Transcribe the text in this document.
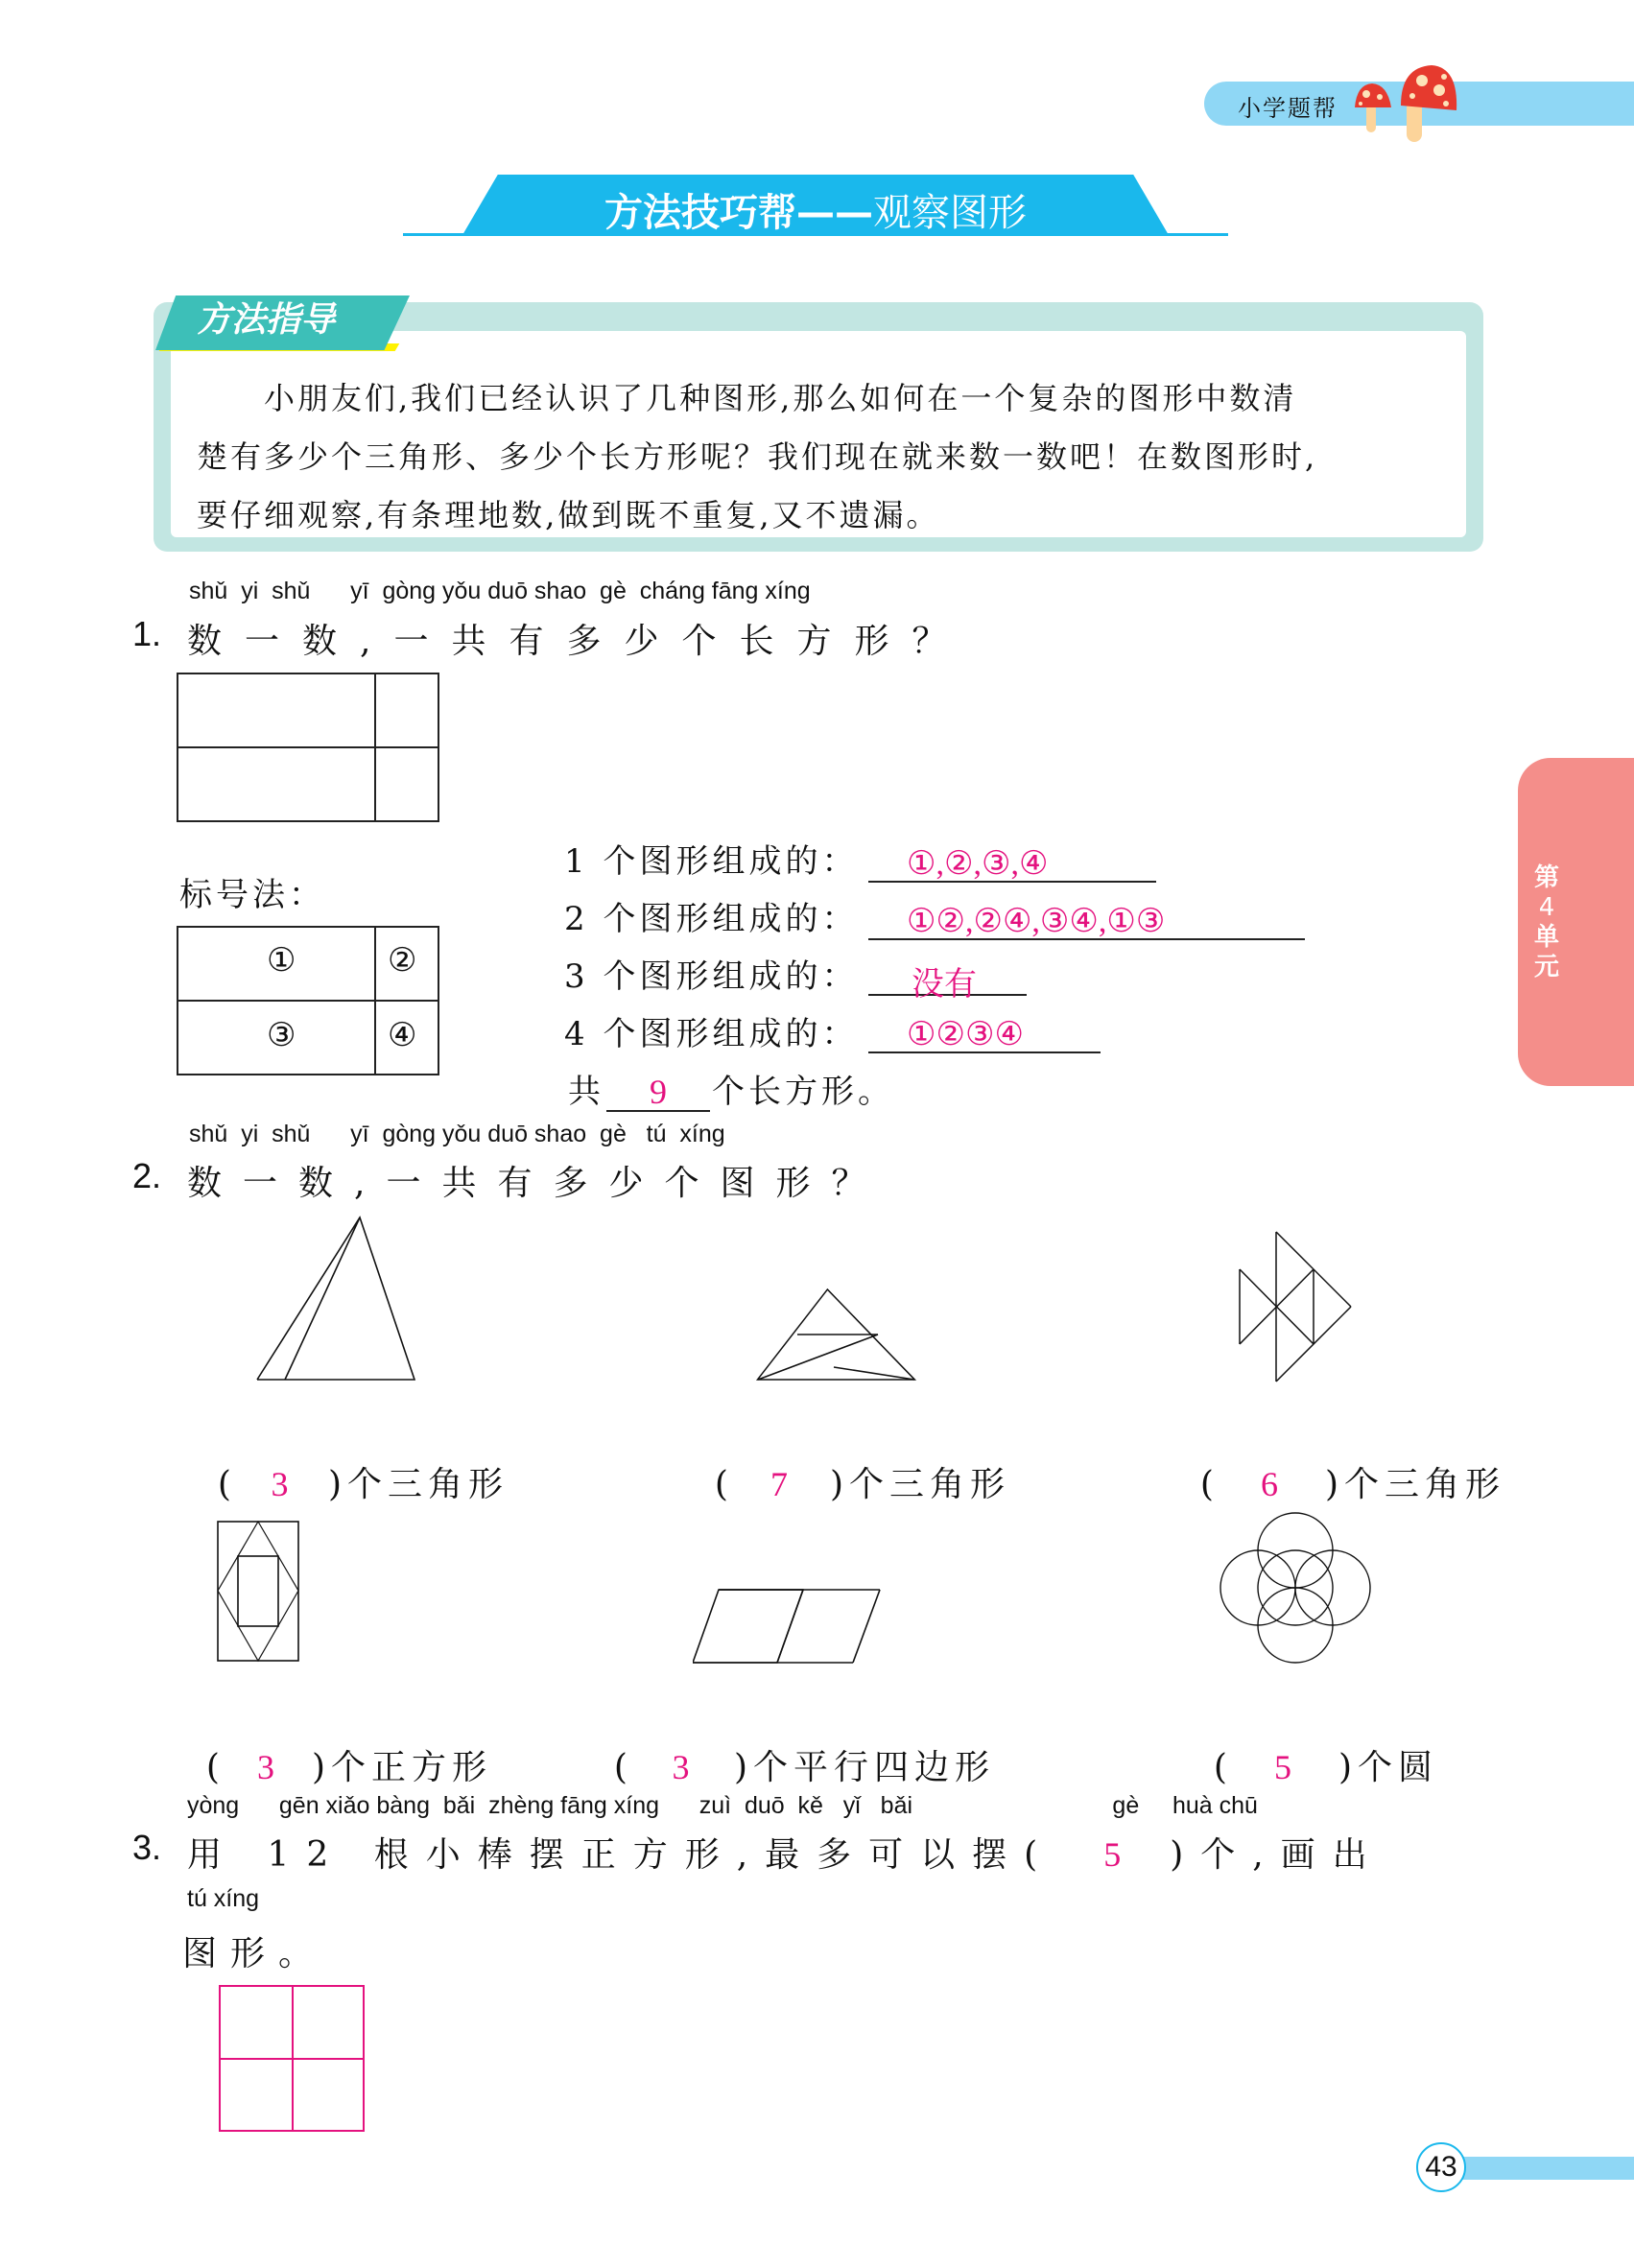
小学题帮
方法技巧帮——观察图形
方法指导

　　小朋友们,我们已经认识了几种图形,那么如何在一个复杂的图形中数清

楚有多少个三角形、多少个长方形呢？我们现在就来数一数吧！在数图形时,

要仔细观察,有条理地数,做到既不重复,又不遗漏。

第
4
单
元
shǔ  yi  shǔ      yī  gòng yǒu duō shao  gè  cháng fāng xíng
1. 数一数,一共有多少个长方形？
标号法：
①	②
③	④
1 个图形组成的：	①,②,③,④
2 个图形组成的：	①②,②④,③④,①③
3 个图形组成的：	没有
4 个图形组成的：	①②③④
共	9	个长方形。
shǔ  yi  shǔ      yī  gòng yǒu duō shao  gè   tú  xíng
2. 数一数,一共有多少个图形？

( 3 )个三角形	( 7 )个三角形	( 6 )个三角形

( 3 )个正方形	( 3 )个平行四边形	( 5 )个圆

yòng      gēn xiǎo bàng  bǎi  zhèng fāng xíng      zuì  duō  kě   yǐ   bǎi                              gè     huà chū
3. 用 12 根小棒摆正方形,最多可以摆( 5 )个,画出
tú xíng
图形。
43
